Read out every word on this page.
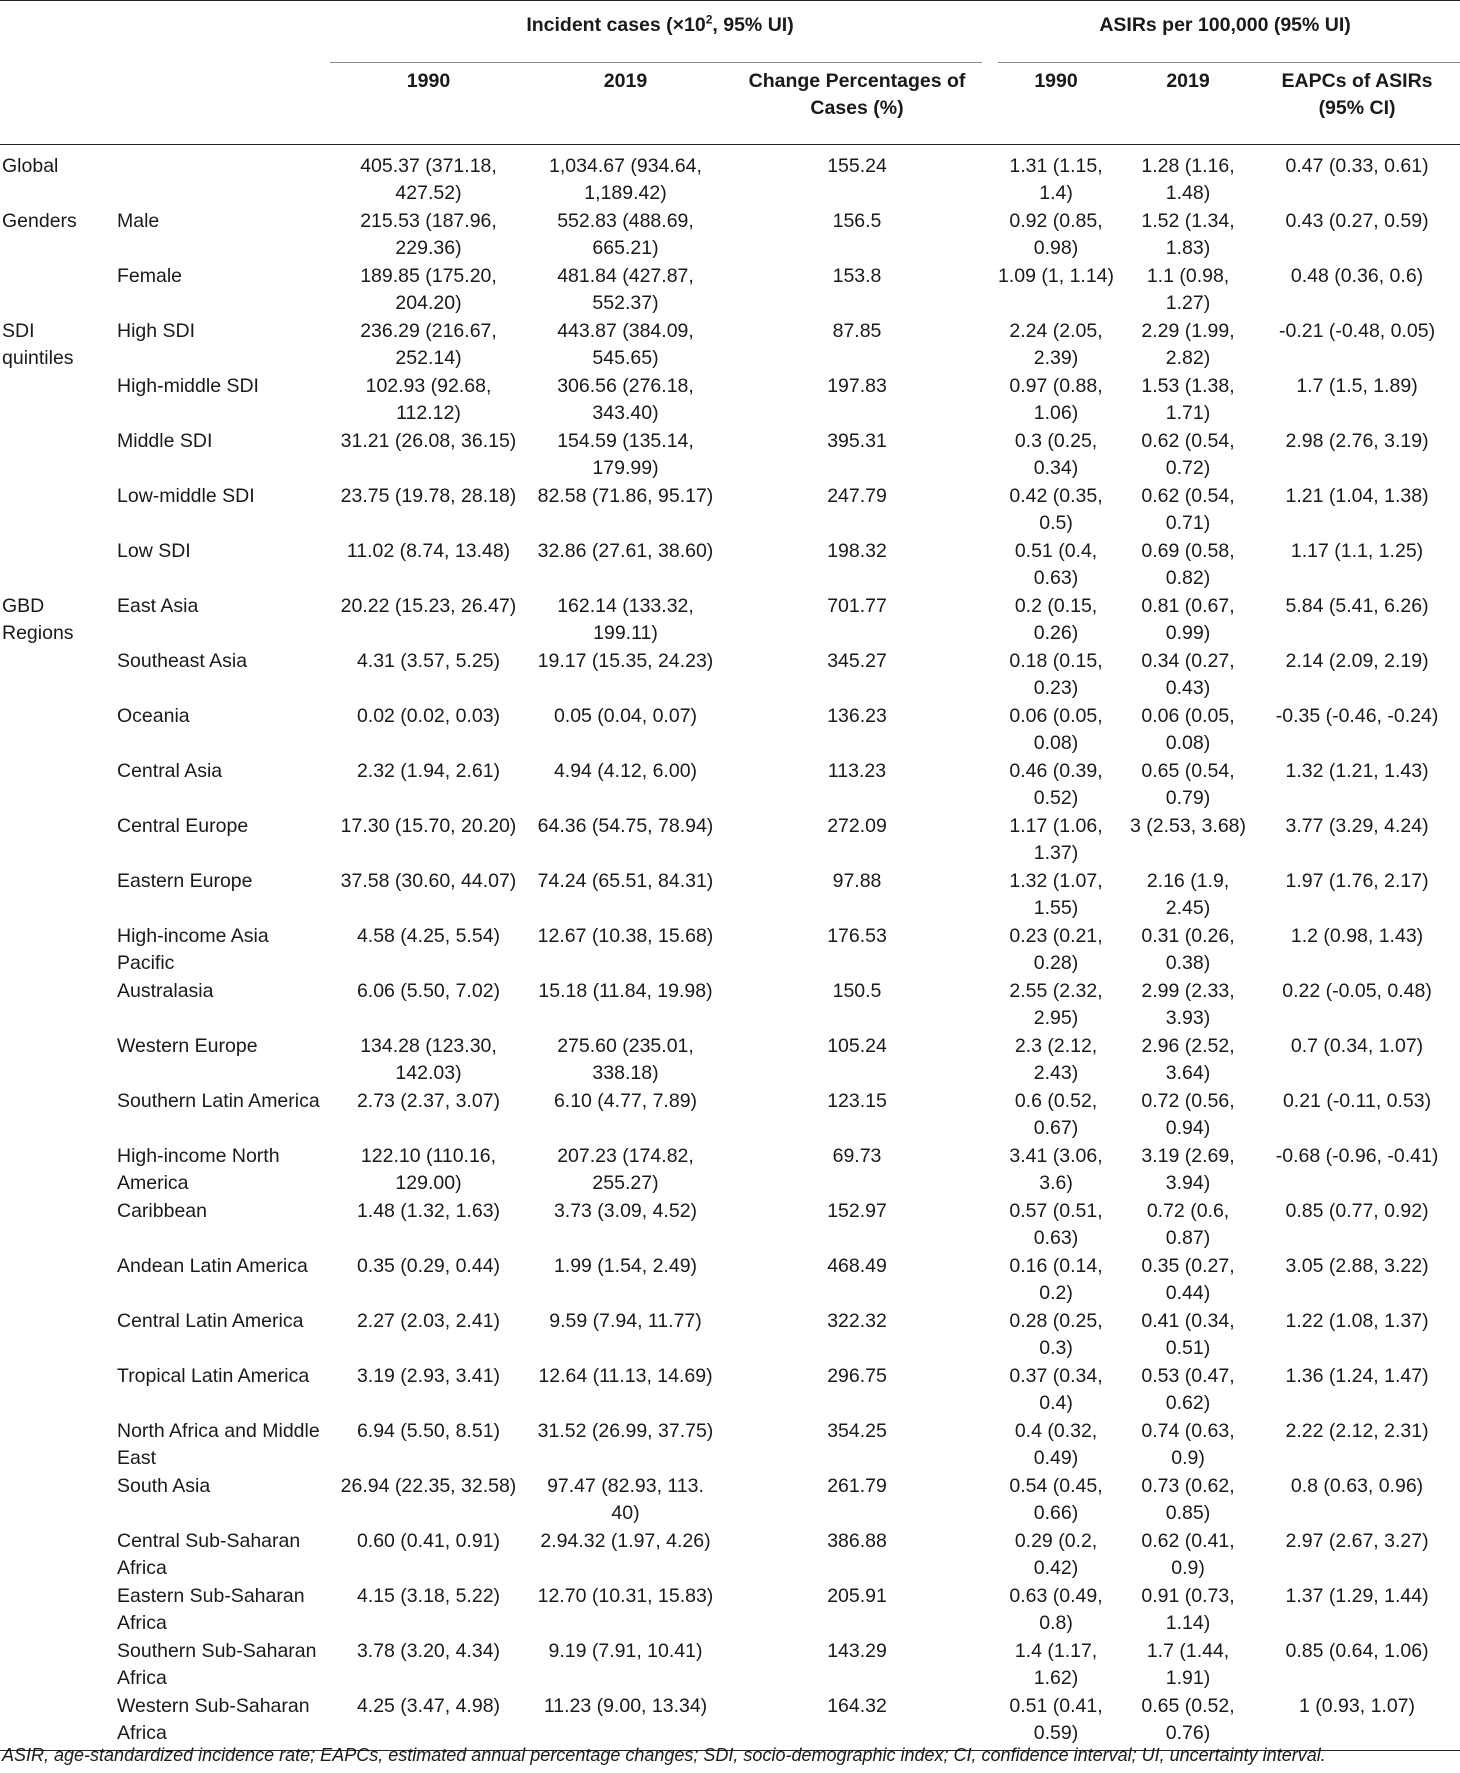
		Incident cases ($\times 10^2$, 95% UI)			ASIRs per 100,000 (95% UI)		
		1990	2019	Change Percentages of Cases (%)	1990	2019	EAPCs of ASIRs (95% CI)
Global		405.37 (371.18, 427.52)	1,034.67 (934.64, 1,189.42)	155.24	1.31 (1.15, 1.4)	1.28 (1.16, 1.48)	0.47 (0.33, 0.61)
Genders	Male	215.53 (187.96, 229.36)	552.83 (488.69, 665.21)	156.5	0.92 (0.85, 0.98)	1.52 (1.34, 1.83)	0.43 (0.27, 0.59)
	Female	189.85 (175.20, 204.20)	481.84 (427.87, 552.37)	153.8	1.09 (1, 1.14)	1.1 (0.98, 1.27)	0.48 (0.36, 0.6)
SDI quintiles	High SDI	236.29 (216.67, 252.14)	443.87 (384.09, 545.65)	87.85	2.24 (2.05, 2.39)	2.29 (1.99, 2.82)	-0.21 (-0.48, 0.05)
	High-middle SDI	102.93 (92.68, 112.12)	306.56 (276.18, 343.40)	197.83	0.97 (0.88, 1.06)	1.53 (1.38, 1.71)	1.7 (1.5, 1.89)
	Middle SDI	31.21 (26.08, 36.15)	154.59 (135.14, 179.99)	395.31	0.3 (0.25, 0.34)	0.62 (0.54, 0.72)	2.98 (2.76, 3.19)
	Low-middle SDI	23.75 (19.78, 28.18)	82.58 (71.86, 95.17)	247.79	0.42 (0.35, 0.5)	0.62 (0.54, 0.71)	1.21 (1.04, 1.38)
	Low SDI	11.02 (8.74, 13.48)	32.86 (27.61, 38.60)	198.32	0.51 (0.4, 0.63)	0.69 (0.58, 0.82)	1.17 (1.1, 1.25)
GBD Regions	East Asia	20.22 (15.23, 26.47)	162.14 (133.32, 199.11)	701.77	0.2 (0.15, 0.26)	0.81 (0.67, 0.99)	5.84 (5.41, 6.26)
	Southeast Asia	4.31 (3.57, 5.25)	19.17 (15.35, 24.23)	345.27	0.18 (0.15, 0.23)	0.34 (0.27, 0.43)	2.14 (2.09, 2.19)
	Oceania	0.02 (0.02, 0.03)	0.05 (0.04, 0.07)	136.23	0.06 (0.05, 0.08)	0.06 (0.05, 0.08)	-0.35 (-0.46, -0.24)
	Central Asia	2.32 (1.94, 2.61)	4.94 (4.12, 6.00)	113.23	0.46 (0.39, 0.52)	0.65 (0.54, 0.79)	1.32 (1.21, 1.43)
	Central Europe	17.30 (15.70, 20.20)	64.36 (54.75, 78.94)	272.09	1.17 (1.06, 1.37)	3 (2.53, 3.68)	3.77 (3.29, 4.24)
	Eastern Europe	37.58 (30.60, 44.07)	74.24 (65.51, 84.31)	97.88	1.32 (1.07, 1.55)	2.16 (1.9, 2.45)	1.97 (1.76, 2.17)
	High-income Asia Pacific	4.58 (4.25, 5.54)	12.67 (10.38, 15.68)	176.53	0.23 (0.21, 0.28)	0.31 (0.26, 0.38)	1.2 (0.98, 1.43)
	Australasia	6.06 (5.50, 7.02)	15.18 (11.84, 19.98)	150.5	2.55 (2.32, 2.95)	2.99 (2.33, 3.93)	0.22 (-0.05, 0.48)
	Western Europe	134.28 (123.30, 142.03)	275.60 (235.01, 338.18)	105.24	2.3 (2.12, 2.43)	2.96 (2.52, 3.64)	0.7 (0.34, 1.07)
	Southern Latin America	2.73 (2.37, 3.07)	6.10 (4.77, 7.89)	123.15	0.6 (0.52, 0.67)	0.72 (0.56, 0.94)	0.21 (-0.11, 0.53)
	High-income North America	122.10 (110.16, 129.00)	207.23 (174.82, 255.27)	69.73	3.41 (3.06, 3.6)	3.19 (2.69, 3.94)	-0.68 (-0.96, -0.41)
	Caribbean	1.48 (1.32, 1.63)	3.73 (3.09, 4.52)	152.97	0.57 (0.51, 0.63)	0.72 (0.6, 0.87)	0.85 (0.77, 0.92)
	Andean Latin America	0.35 (0.29, 0.44)	1.99 (1.54, 2.49)	468.49	0.16 (0.14, 0.2)	0.35 (0.27, 0.44)	3.05 (2.88, 3.22)
	Central Latin America	2.27 (2.03, 2.41)	9.59 (7.94, 11.77)	322.32	0.28 (0.25, 0.3)	0.41 (0.34, 0.51)	1.22 (1.08, 1.37)
	Tropical Latin America	3.19 (2.93, 3.41)	12.64 (11.13, 14.69)	296.75	0.37 (0.34, 0.4)	0.53 (0.47, 0.62)	1.36 (1.24, 1.47)
	North Africa and Middle East	6.94 (5.50, 8.51)	31.52 (26.99, 37.75)	354.25	0.4 (0.32, 0.49)	0.74 (0.63, 0.9)	2.22 (2.12, 2.31)
	South Asia	26.94 (22.35, 32.58)	97.47 (82.93, 113. 40)	261.79	0.54 (0.45, 0.66)	0.73 (0.62, 0.85)	0.8 (0.63, 0.96)
	Central Sub-Saharan Africa	0.60 (0.41, 0.91)	2.94.32 (1.97, 4.26)	386.88	0.29 (0.2, 0.42)	0.62 (0.41, 0.9)	2.97 (2.67, 3.27)
	Eastern Sub-Saharan Africa	4.15 (3.18, 5.22)	12.70 (10.31, 15.83)	205.91	0.63 (0.49, 0.8)	0.91 (0.73, 1.14)	1.37 (1.29, 1.44)
	Southern Sub-Saharan Africa	3.78 (3.20, 4.34)	9.19 (7.91, 10.41)	143.29	1.4 (1.17, 1.62)	1.7 (1.44, 1.91)	0.85 (0.64, 1.06)
	Western Sub-Saharan Africa	4.25 (3.47, 4.98)	11.23 (9.00, 13.34)	164.32	0.51 (0.41, 0.59)	0.65 (0.52, 0.76)	1 (0.93, 1.07)
ASIR, age-standardized incidence rate; EAPCs, estimated annual percentage changes; SDI, socio-demographic index; CI, confidence interval; UI, uncertainty interval.
